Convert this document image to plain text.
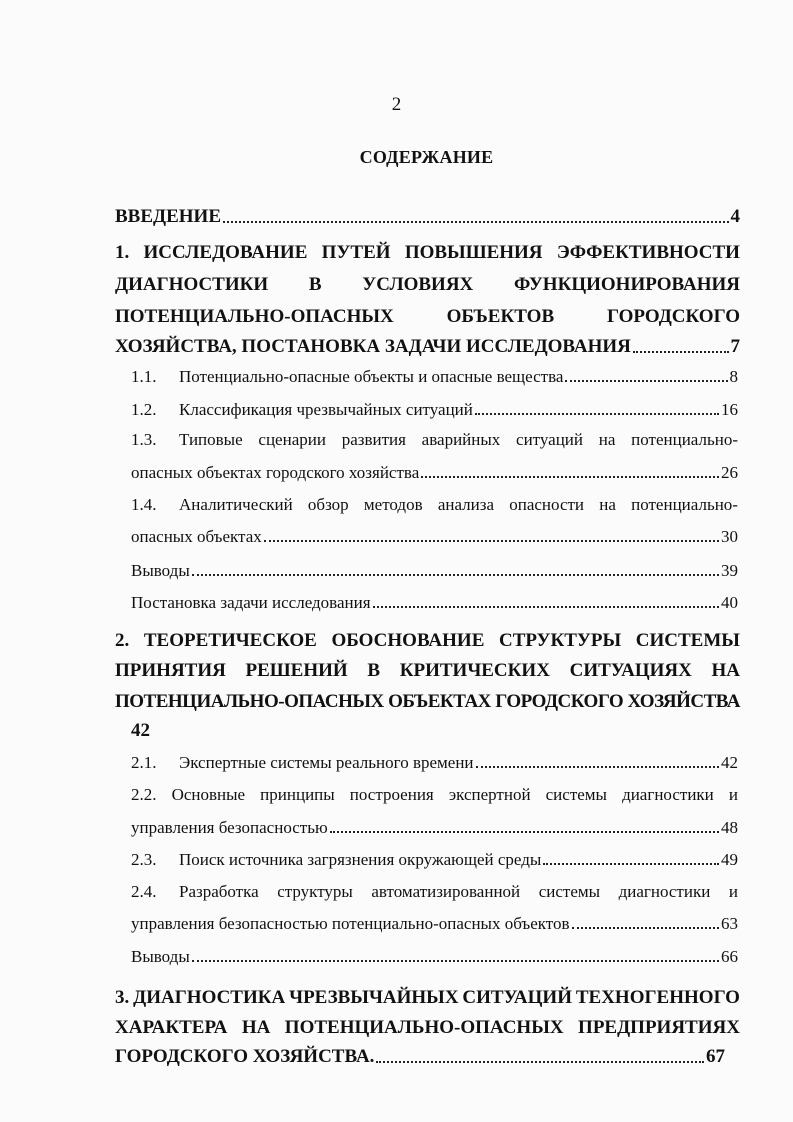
2
СОДЕРЖАНИЕ
ВВЕДЕНИЕ	4
1. ИССЛЕДОВАНИЕ ПУТЕЙ ПОВЫШЕНИЯ ЭФФЕКТИВНОСТИ
ДИАГНОСТИКИ В УСЛОВИЯХ ФУНКЦИОНИРОВАНИЯ
ПОТЕНЦИАЛЬНО-ОПАСНЫХ	ОБЪЕКТОВ	ГОРОДСКОГО
ХОЗЯЙСТВА, ПОСТАНОВКА ЗАДАЧИ ИССЛЕДОВАНИЯ	7
1.1.	Потенциально-опасные объекты и опасные вещества	8
1.2.	Классификация чрезвычайных ситуаций	16
1.3.	Типовые сценарии развития аварийных ситуаций на потенциально-
опасных объектах городского хозяйства	26
1.4.	Аналитический обзор методов анализа опасности на потенциально-
опасных объектах	30
Выводы	39
Постановка задачи исследования	40
2. ТЕОРЕТИЧЕСКОЕ ОБОСНОВАНИЕ СТРУКТУРЫ СИСТЕМЫ
ПРИНЯТИЯ РЕШЕНИЙ В КРИТИЧЕСКИХ СИТУАЦИЯХ НА
ПОТЕНЦИАЛЬНО-ОПАСНЫХ ОБЪЕКТАХ ГОРОДСКОГО ХОЗЯЙСТВА
42
2.1.	Экспертные системы реального времени	42
2.2. Основные принципы построения экспертной системы диагностики и
управления безопасностью	48
2.3.	Поиск источника загрязнения окружающей среды	49
2.4.	Разработка структуры автоматизированной системы диагностики и
управления безопасностью потенциально-опасных объектов	63
Выводы	66
3. ДИАГНОСТИКА ЧРЕЗВЫЧАЙНЫХ СИТУАЦИЙ ТЕХНОГЕННОГО
ХАРАКТЕРА НА ПОТЕНЦИАЛЬНО-ОПАСНЫХ ПРЕДПРИЯТИЯХ
ГОРОДСКОГО ХОЗЯЙСТВА.	67
